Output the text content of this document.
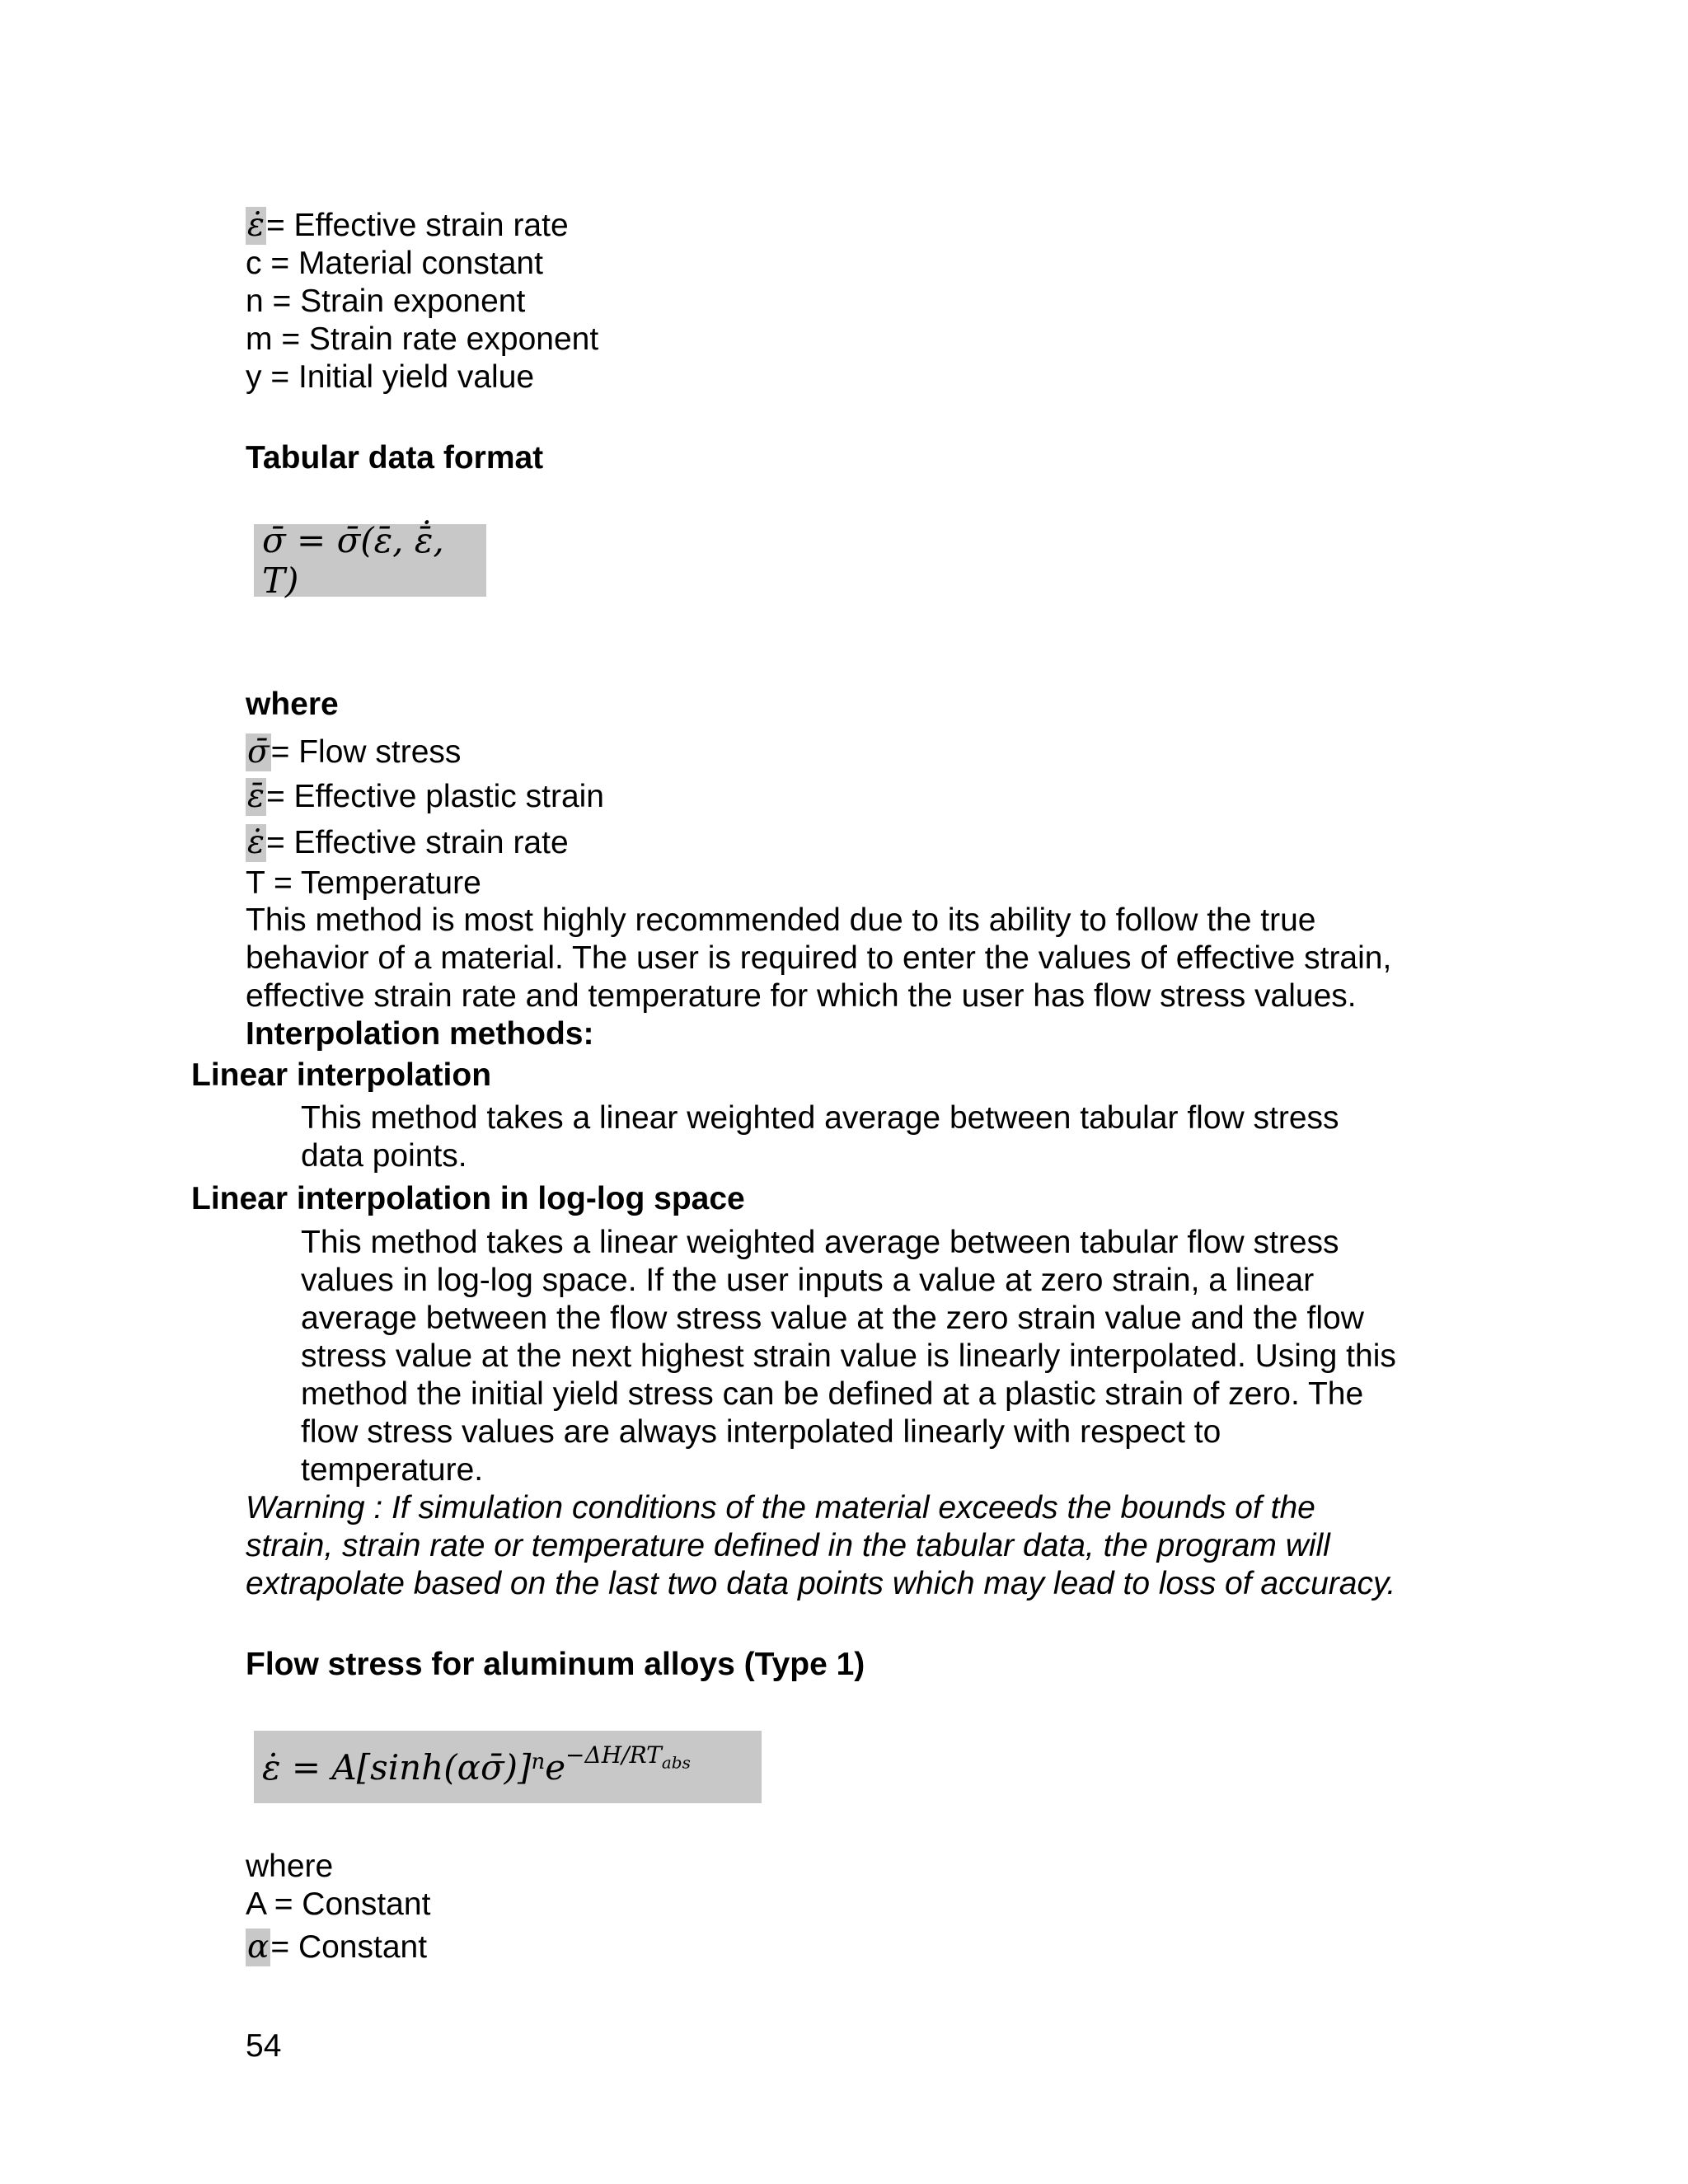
ε̇= Effective strain rate
c = Material constant
n = Strain exponent
m = Strain rate exponent
y = Initial yield value
Tabular data format
σ̄ = σ̄(ε̄, ε̄̇, T)
where
σ̄= Flow stress
ε̄= Effective plastic strain
ε̇= Effective strain rate
T = Temperature
This method is most highly recommended due to its ability to follow the true
behavior of a material. The user is required to enter the values of effective strain,
effective strain rate and temperature for which the user has flow stress values.
Interpolation methods:
Linear interpolation
This method takes a linear weighted average between tabular flow stress
data points.
Linear interpolation in log-log space
This method takes a linear weighted average between tabular flow stress
values in log-log space. If the user inputs a value at zero strain, a linear
average between the flow stress value at the zero strain value and the flow
stress value at the next highest strain value is linearly interpolated. Using this
method the initial yield stress can be defined at a plastic strain of zero. The
flow stress values are always interpolated linearly with respect to
temperature.
Warning : If simulation conditions of the material exceeds the bounds of the
strain, strain rate or temperature defined in the tabular data, the program will
extrapolate based on the last two data points which may lead to loss of accuracy.
Flow stress for aluminum alloys (Type 1)
ε̇ = A[sinh(ασ̄)]$^n$ e $^{-\Delta H/RT_{abs}}$
where
A = Constant
α= Constant
54
